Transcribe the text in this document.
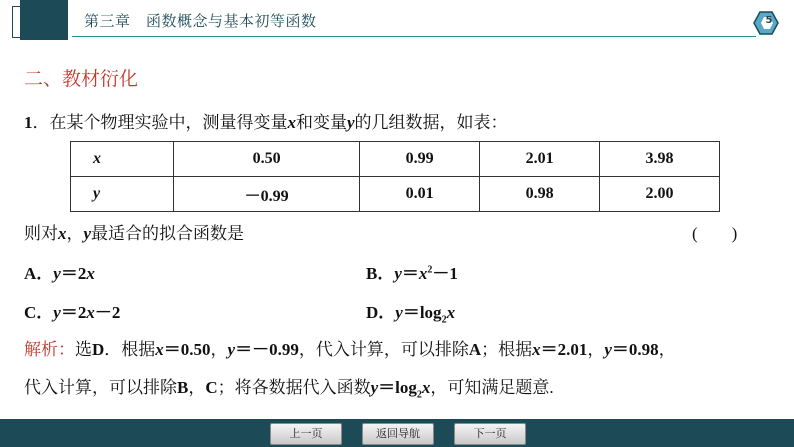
第三章　函数概念与基本初等函数	5
二、教材衍化
1．在某个物理实验中，测量得变量x和变量y的几组数据，如表：
x	0.50	0.99	2.01	3.98
y	－0.99	0.01	0.98	2.00
则对x，y最适合的拟合函数是	(　　)
A．y＝2x	B．$y=x^2-1$
C．y＝2x－2	D．$y=\log_2x$
解析：选D．根据x＝0.50，y＝－0.99，代入计算，可以排除A；根据x＝2.01，y＝0.98，
代入计算，可以排除B，C；将各数据代入函数$y=\log_2x$，可知满足题意.
上一页	返回导航	下一页
